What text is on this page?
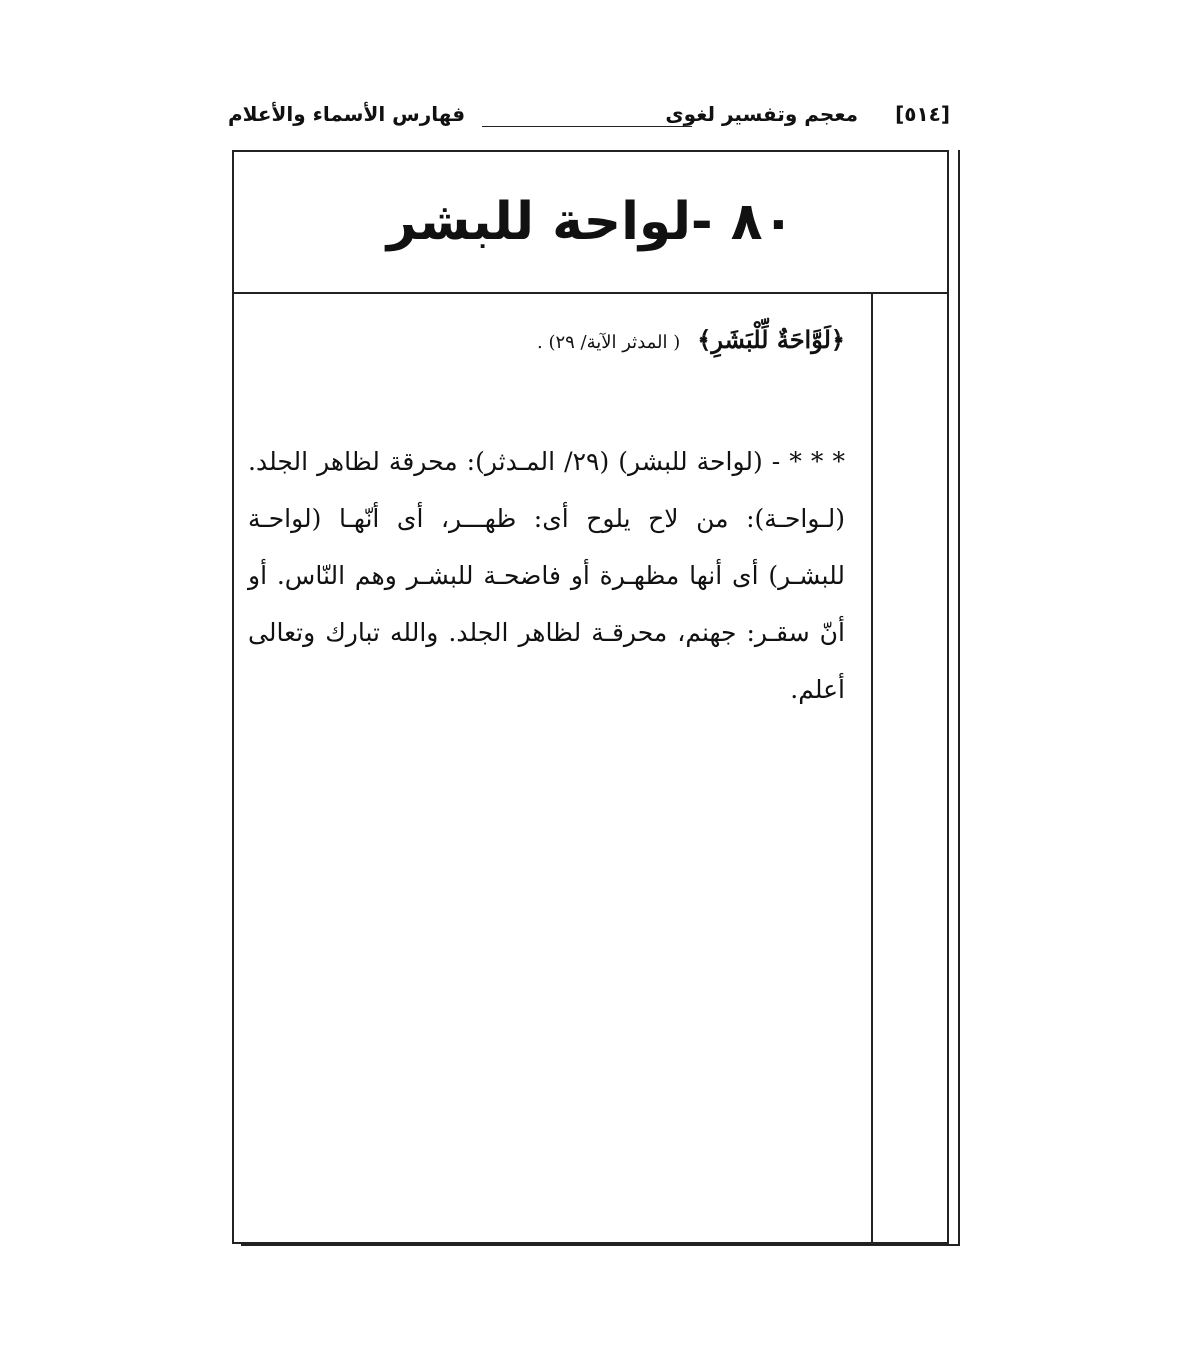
[٥١٤]
معجم وتفسير لغوى
فهارس الأسماء والأعلام
٨٠ -لواحة للبشر
﴿لَوَّاحَةٌ لِّلْبَشَرِ﴾ ( المدثر الآية/ ٢٩) .
* * * - (لواحة للبشر) (٢٩/ المـدثر): محرقة لظاهر الجلد. (لـواحـة): من لاح يلوح أى: ظهـــر، أى أنّهـا (لواحـة للبشـر) أى أنها مظهـرة أو فاضحـة للبشـر وهم النّاس. أو أنّ سقـر: جهنم، محرقـة لظاهر الجلد. والله تبارك وتعالى أعلم.
